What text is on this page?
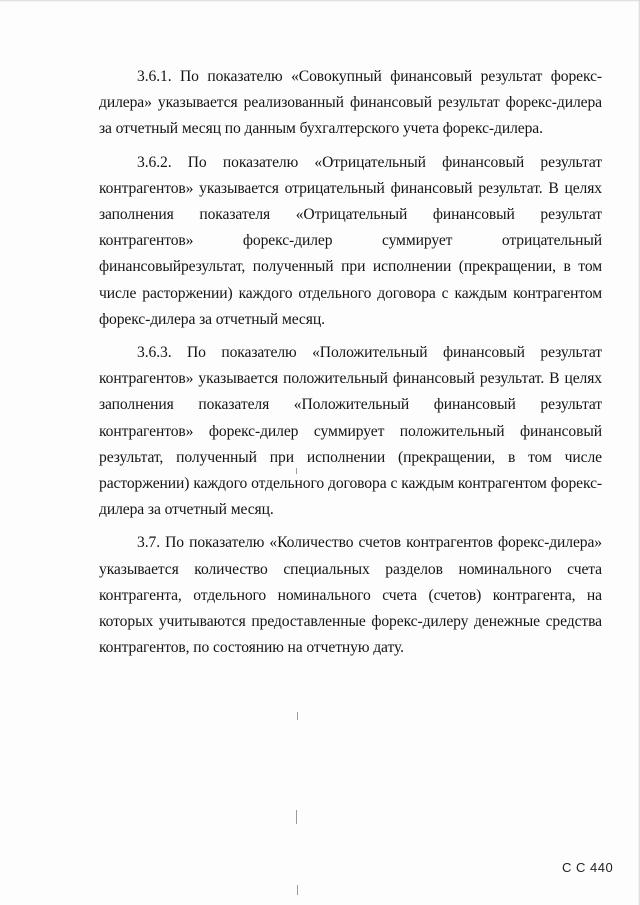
3.6.1. По показателю «Совокупный финансовый результат форекс-дилера» указывается реализованный финансовый результат форекс-дилера за отчетный месяц по данным бухгалтерского учета форекс-дилера.

3.6.2. По показателю «Отрицательный финансовый результат контрагентов» указывается отрицательный финансовый результат. В целях заполнения показателя «Отрицательный финансовый результат контрагентов» форекс-дилер суммирует отрицательный финансовыйрезультат, полученный при исполнении (прекращении, в том числе расторжении) каждого отдельного договора с каждым контрагентом форекс-дилера за отчетный месяц.

3.6.3. По показателю «Положительный финансовый результат контрагентов» указывается положительный финансовый результат. В целях заполнения показателя «Положительный финансовый результат контрагентов» форекс-дилер суммирует положительный финансовый результат, полученный при исполнении (прекращении, в том числе расторжении) каждого отдельного договора с каждым контрагентом форекс-дилера за отчетный месяц.

3.7. По показателю «Количество счетов контрагентов форекс-дилера» указывается количество специальных разделов номинального счета контрагента, отдельного номинального счета (счетов) контрагента, на которых учитываются предоставленные форекс-дилеру денежные средства контрагентов, по состоянию на отчетную дату.

С С 440
